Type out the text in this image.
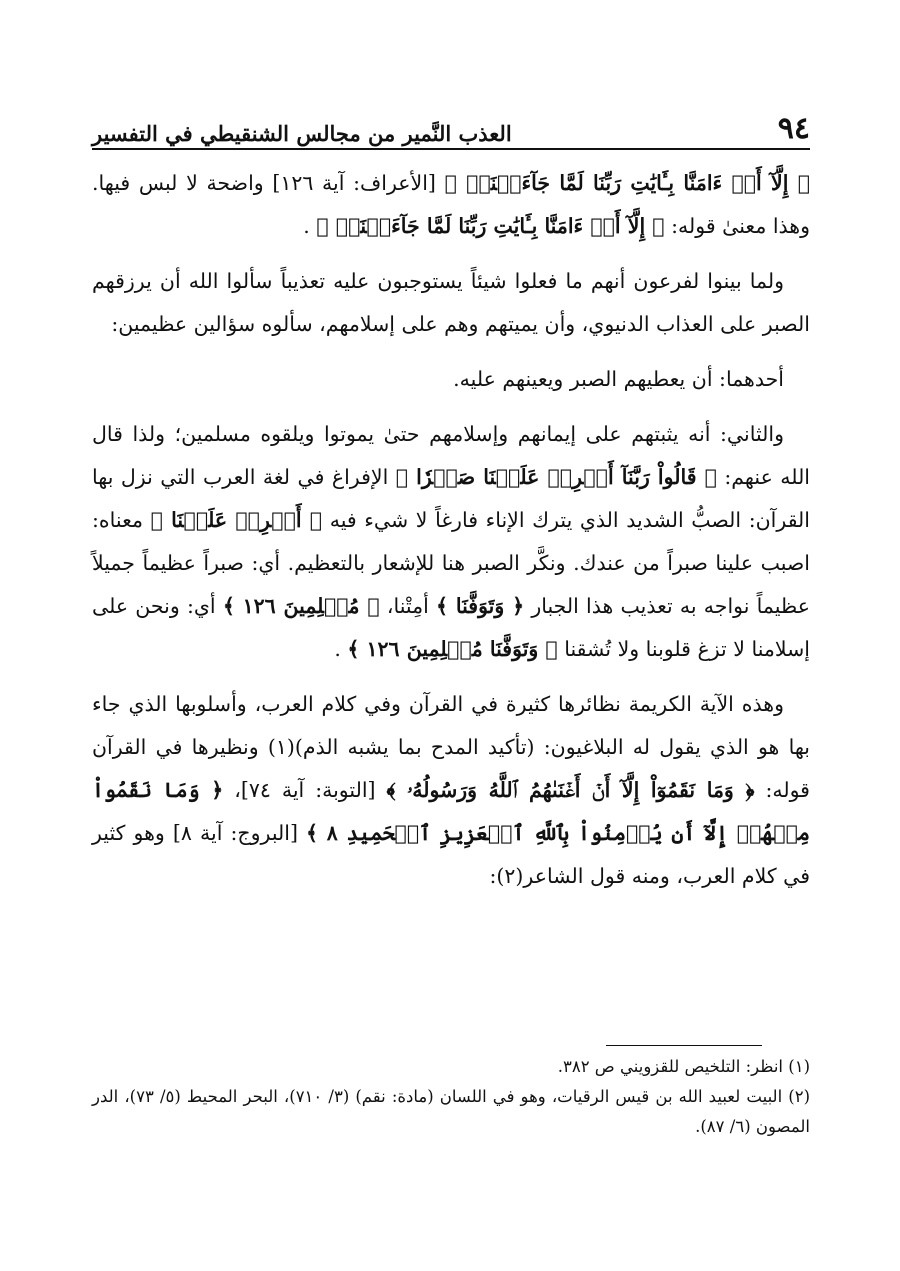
٩٤
العذب النَّمير من مجالس الشنقيطي في التفسير

﴿ إِلَّآ أَنۡ ءَامَنَّا بِـَٔايَٰتِ رَبِّنَا لَمَّا جَآءَتۡنَاۚ ﴾ [الأعراف: آية ١٢٦] واضحة لا لبس فيها. وهذا معنىٰ قوله: ﴿ إِلَّآ أَنۡ ءَامَنَّا بِـَٔايَٰتِ رَبِّنَا لَمَّا جَآءَتۡنَاۚ ﴾ .

ولما بينوا لفرعون أنهم ما فعلوا شيئاً يستوجبون عليه تعذيباً سألوا الله أن يرزقهم الصبر على العذاب الدنيوي، وأن يميتهم وهم على إسلامهم، سألوه سؤالين عظيمين:

أحدهما: أن يعطيهم الصبر ويعينهم عليه.

والثاني: أنه يثبتهم على إيمانهم وإسلامهم حتىٰ يموتوا ويلقوه مسلمين؛ ولذا قال الله عنهم: ﴿ قَالُواْ رَبَّنَآ أَفۡرِغۡ عَلَيۡنَا صَبۡرٗا ﴾ الإفراغ في لغة العرب التي نزل بها القرآن: الصبُّ الشديد الذي يترك الإناء فارغاً لا شيء فيه ﴿ أَفۡرِغۡ عَلَيۡنَا ﴾ معناه: اصبب علينا صبراً من عندك. ونكَّر الصبر هنا للإشعار بالتعظيم. أي: صبراً عظيماً جميلاً عظيماً نواجه به تعذيب هذا الجبار ﴿ وَتَوَفَّنَا ﴾ أمِتْنا، ﴿ مُسۡلِمِينَ ١٢٦ ﴾ أي: ونحن على إسلامنا لا تزغ قلوبنا ولا تُشقنا ﴿ وَتَوَفَّنَا مُسۡلِمِينَ ١٢٦ ﴾ .

وهذه الآية الكريمة نظائرها كثيرة في القرآن وفي كلام العرب، وأسلوبها الذي جاء بها هو الذي يقول له البلاغيون: (تأكيد المدح بما يشبه الذم)(١) ونظيرها في القرآن قوله: ﴿ وَمَا نَقَمُوٓاْ إِلَّآ أَنۡ أَغۡنَىٰهُمُ ٱللَّهُ وَرَسُولُهُۥ ﴾ [التوبة: آية ٧٤]، ﴿ وَمَا نَقَمُواْ مِنۡهُمۡ إِلَّآ أَن يُؤۡمِنُواْ بِٱللَّهِ ٱلۡعَزِيزِ ٱلۡحَمِيدِ ٨ ﴾ [البروج: آية ٨] وهو كثير في كلام العرب، ومنه قول الشاعر(٢):

(١) انظر: التلخيص للقزويني ص ٣٨٢.

(٢) البيت لعبيد الله بن قيس الرقيات، وهو في اللسان (مادة: نقم) (٣/ ٧١٠)، البحر المحيط (٥/ ٧٣)، الدر المصون (٦/ ٨٧).
